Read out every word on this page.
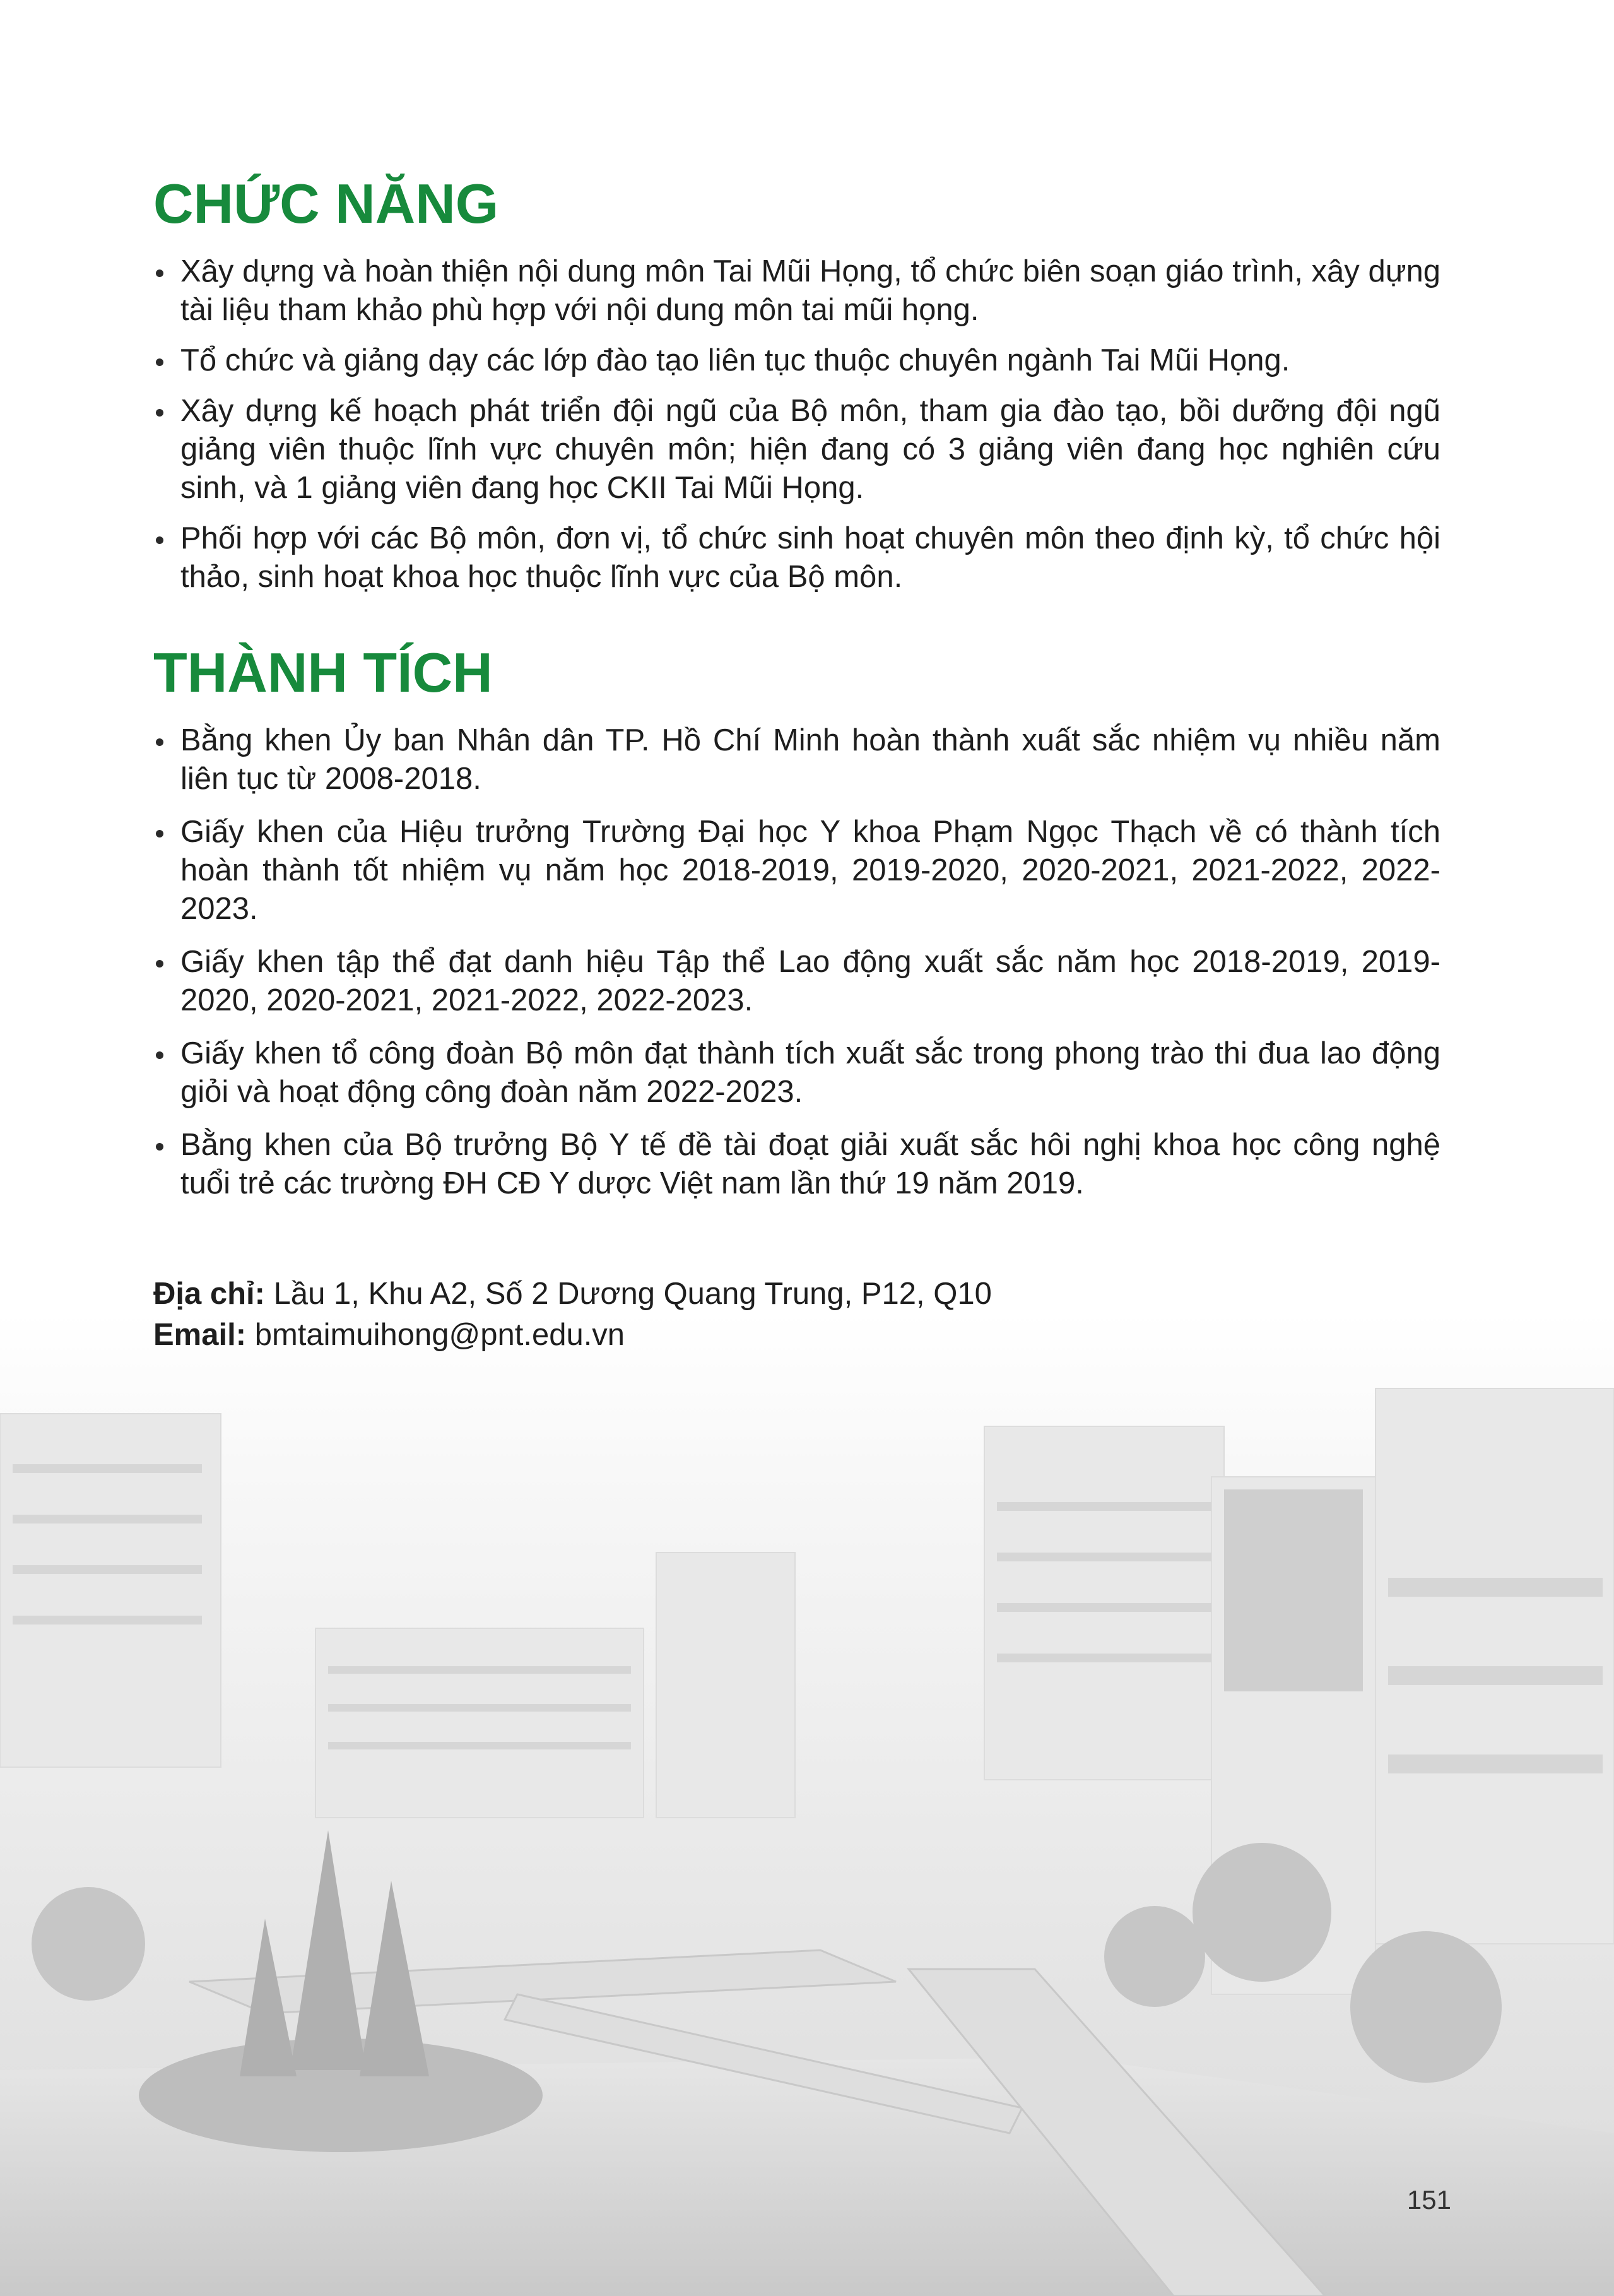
CHỨC NĂNG
Xây dựng và hoàn thiện nội dung môn Tai Mũi Họng, tổ chức biên soạn giáo trình, xây dựng tài liệu tham khảo phù hợp với nội dung môn tai mũi họng.
Tổ chức và giảng dạy các lớp đào tạo liên tục thuộc chuyên ngành Tai Mũi Họng.
Xây dựng kế hoạch phát triển đội ngũ của Bộ môn, tham gia đào tạo, bồi dưỡng đội ngũ giảng viên thuộc lĩnh vực chuyên môn; hiện đang có 3 giảng viên đang học nghiên cứu sinh, và 1 giảng viên đang học CKII Tai Mũi Họng.
Phối hợp với các Bộ môn, đơn vị, tổ chức sinh hoạt chuyên môn theo định kỳ, tổ chức hội thảo, sinh hoạt khoa học thuộc lĩnh vực của Bộ môn.
THÀNH TÍCH
Bằng khen Ủy ban Nhân dân TP. Hồ Chí Minh hoàn thành xuất sắc nhiệm vụ nhiều năm liên tục từ 2008-2018.
Giấy khen của Hiệu trưởng Trường Đại học Y khoa Phạm Ngọc Thạch về có thành tích hoàn thành tốt nhiệm vụ năm học 2018-2019, 2019-2020, 2020-2021, 2021-2022, 2022-2023.
Giấy khen tập thể đạt danh hiệu Tập thể Lao động xuất sắc năm học 2018-2019, 2019-2020, 2020-2021, 2021-2022, 2022-2023.
Giấy khen tổ công đoàn Bộ môn đạt thành tích xuất sắc trong phong trào thi đua lao động giỏi và hoạt động công đoàn năm 2022-2023.
Bằng khen của Bộ trưởng Bộ Y tế đề tài đoạt giải xuất sắc hôi nghị khoa học công nghệ tuổi trẻ các trường ĐH CĐ Y dược Việt nam lần thứ 19 năm 2019.
Địa chỉ: Lầu 1, Khu A2, Số 2 Dương Quang Trung, P12, Q10
Email: bmtaimuihong@pnt.edu.vn
151
